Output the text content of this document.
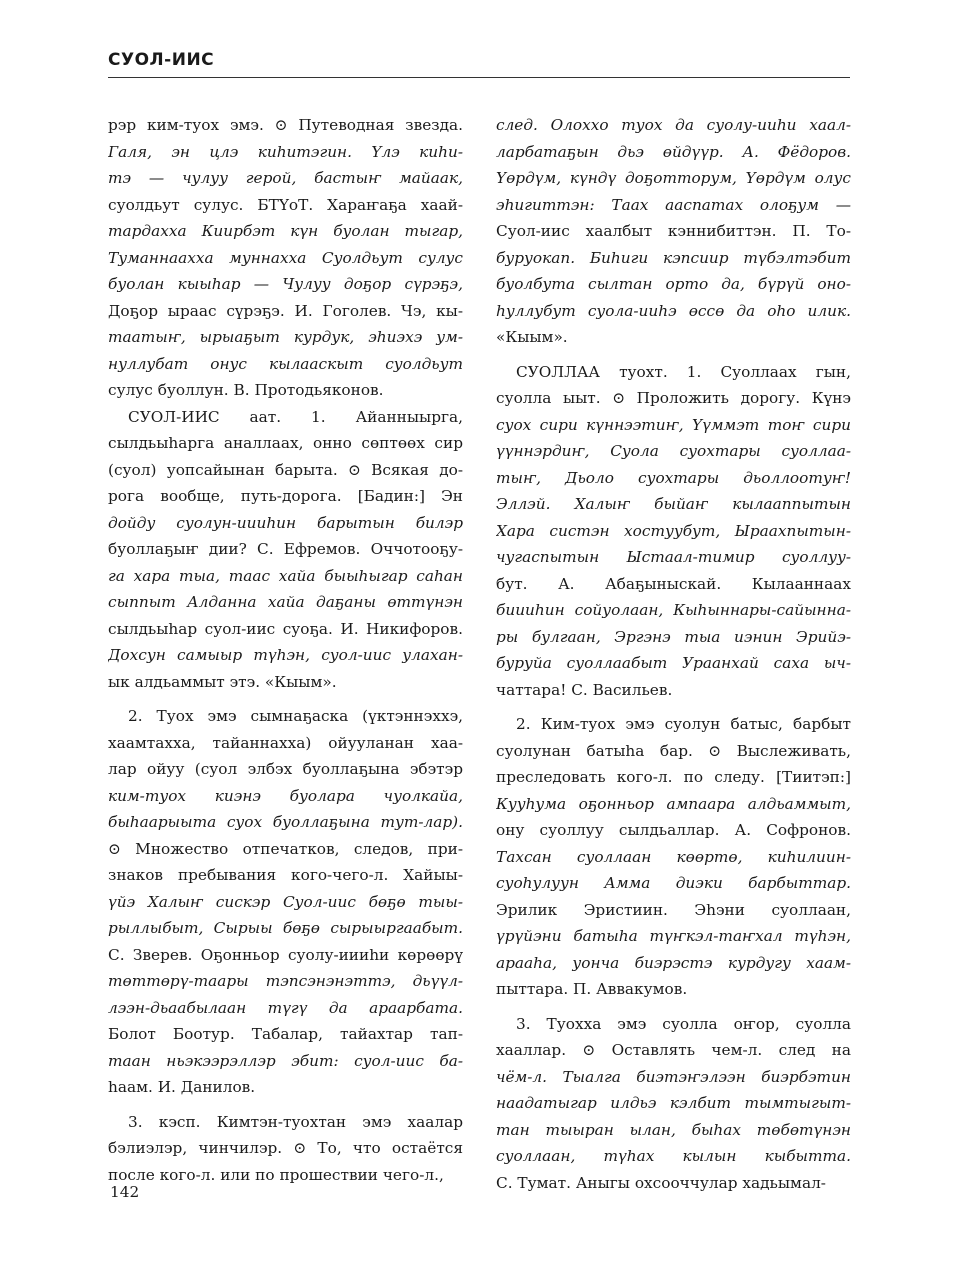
СУОЛ-ИИС
рэр ким-туох эмэ. ⊙ Путеводная звезда.
Галя, эн цлэ киhитэгин. Үлэ киhи-
тэ — чулуу герой, бастыҥ майаак,
суолдьут сулус. БТҮоТ. Хараҥаҕа хаай-
тардахха Киирбэт күн буолан тыгар,
Туманнаахха муннахха Суолдьут сулус
буолан кыыhар — Чулуу доҕор сүрэҕэ,
Доҕор ыраас сүрэҕэ. И. Гоголев. Чэ, кы-
таатыҥ, ырыаҕыт курдук, эhиэхэ ум-
нуллубат онус кылааскыт суолдьут
сулус буоллун. В. Протодьяконов.
СУОЛ-ИИС аат. 1. Айанныырга,
сылдьыhарга аналлаах, онно сөптөөх сир
(суол) уопсайынан барыта. ⊙ Всякая до-
рога вообще, путь-дорога. [Бадин:] Эн
дойду суолун-иииhин барытын билэр
буоллаҕыҥ дии? С. Ефремов. Оччотооҕу-
га хара тыа, таас хайа быыhыгар саhан
сыппыт Алданна хайа даҕаны өттүнэн
сылдьыhар суол-иис суоҕа. И. Никифоров.
Дохсун самыыр түhэн, суол-иис улахан-
ык алдьаммыт этэ. «Кыым».
2. Туох эмэ сымнаҕаска (үктэннэххэ,
хаамтахха, тайаннахха) ойууланан хаа-
лар ойуу (суол элбэх буоллаҕына эбэтэр
ким-туох киэнэ буолара чуолкайа,
быhаарыыта суох буоллаҕына тут-лар).
⊙ Множество отпечатков, следов, при-
знаков пребывания кого-чего-л. Хайыы-
үйэ Халыҥ сискэр Суол-иис бөҕө тыы-
рыллыбыт, Сырыы бөҕө сырыыргаабыт.
С. Зверев. Оҕонньор суолу-иииhи көрөөрү
төттөрү-таары тэпсэнэнэттэ, дьүүл-
лээн-дьаабылаан түгү да араарбата.
Болот Боотур. Табалар, тайахтар тап-
таан ньэкээрэллэр эбит: суол-иис ба-
hаам. И. Данилов.
3. кэсп. Кимтэн-туохтан эмэ хаалар
бэлиэлэр, чинчилэр. ⊙ То, что остаётся
после кого-л. или по прошествии чего-л.,
след. Олоххо туох да суолу-ииhи хаал-
ларбатаҕын дьэ өйдүүр. А. Фёдоров.
Үөрдүм, күндү доҕотторум, Үөрдүм олус
эhигиттэн: Таах ааспатах олоҕум —
Суол-иис хаалбыт кэннибиттэн. П. То-
буруокап. Биhиги кэпсиир түбэлтэбит
буолбута сылтан орто да, бүрүй оно-
hуллубут суола-ииhэ өссө да оhо илик.
«Кыым».
СУОЛЛАА туохт. 1. Суоллаах гын,
суолла ыыт. ⊙ Проложить дорогу. Күнэ
суох сири күннээтиҥ, Үүммэт тоҥ сири
үүннэрдиҥ, Суола суохтары суоллаа-
тыҥ, Дьоло суохтары дьоллоотуҥ!
Эллэй. Халыҥ быйаҥ кылааппытын
Хара систэн хостуубут, Ыраахпытын-
чугаспытын Ыстаал-тимир суоллуу-
бут. А. Абаҕыныскай. Кылааннаах
биииhин сойуолаан, Кыhыннары-сайынна-
ры булгаан, Эргэнэ тыа иэнин Эрийэ-
буруйа суоллаабыт Ураанхай саха ыч-
чаттара! С. Васильев.
2. Ким-туох эмэ суолун батыс, барбыт
суолунан батыhа бар. ⊙ Выслеживать,
преследовать кого-л. по следу. [Тиитэп:]
Кууhума оҕонньор ампаара алдьаммыт,
ону суоллуу сылдьаллар. А. Софронов.
Тахсан суоллаан көөртө, киhилиин-
суоhулуун Амма диэки барбыттар.
Эрилик Эристиин. Эhэни суоллаан,
үрүйэни батыhа түҥкэл-таҥхал түhэн,
арааhа, уонча биэрэстэ курдугу хаам-
пыттара. П. Аввакумов.
3. Туохха эмэ суолла оҥор, суолла
хааллар. ⊙ Оставлять чем-л. след на
чём-л. Тыалга биэтэҥэлээн биэрбэтин
наадатыгар илдьэ кэлбит тымтыгыт-
тан тыыран ылан, быhах төбөтүнэн
суоллаан, түhах кылын кыбытта.
С. Тумат. Аныгы охсооччулар хадьымал-
142
